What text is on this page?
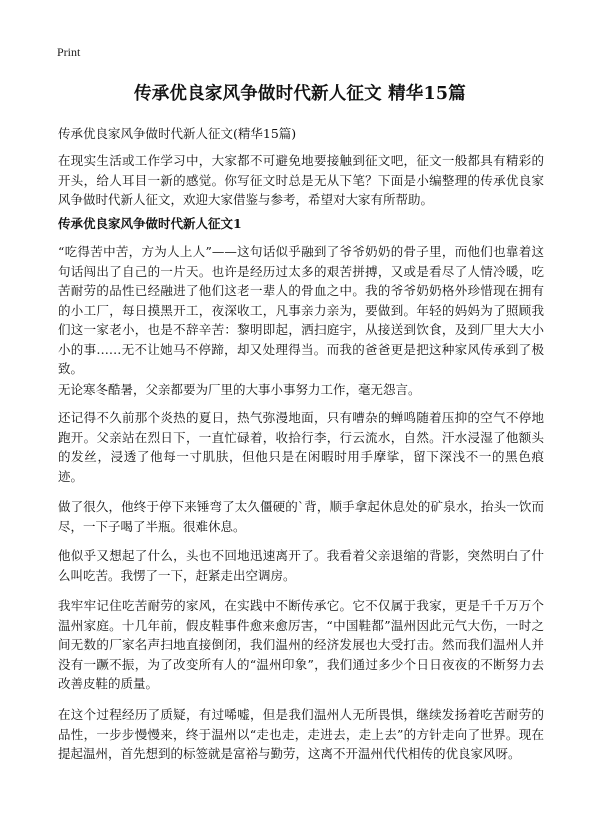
Print
传承优良家风争做时代新人征文 精华15篇
传承优良家风争做时代新人征文(精华15篇)

在现实生活或工作学习中，大家都不可避免地要接触到征文吧，征文一般都具有精彩的开头，给人耳目一新的感觉。你写征文时总是无从下笔？下面是小编整理的传承优良家风争做时代新人征文，欢迎大家借鉴与参考，希望对大家有所帮助。

传承优良家风争做时代新人征文1

“吃得苦中苦，方为人上人”——这句话似乎融到了爷爷奶奶的骨子里，而他们也靠着这句话闯出了自己的一片天。也许是经历过太多的艰苦拼搏，又或是看尽了人情冷暖，吃苦耐劳的品性已经融进了他们这老一辈人的骨血之中。我的爷爷奶奶格外珍惜现在拥有的小工厂，每日摸黑开工，夜深收工，凡事亲力亲为，要做到。年轻的妈妈为了照顾我们这一家老小，也是不辞辛苦：黎明即起，洒扫庭宇，从接送到饮食，及到厂里大大小小的事……无不让她马不停蹄，却又处理得当。而我的爸爸更是把这种家风传承到了极致。

无论寒冬酷暑，父亲都要为厂里的大事小事努力工作，毫无怨言。

还记得不久前那个炎热的夏日，热气弥漫地面，只有嘈杂的蝉鸣随着压抑的空气不停地跑开。父亲站在烈日下，一直忙碌着，收拾行李，行云流水，自然。汗水浸湿了他额头的发丝，浸透了他每一寸肌肤，但他只是在闲暇时用手摩挲，留下深浅不一的黑色痕迹。

做了很久，他终于停下来锤弯了太久僵硬的`背，顺手拿起休息处的矿泉水，抬头一饮而尽，一下子喝了半瓶。很难休息。

他似乎又想起了什么，头也不回地迅速离开了。我看着父亲退缩的背影，突然明白了什么叫吃苦。我愣了一下，赶紧走出空调房。

我牢牢记住吃苦耐劳的家风，在实践中不断传承它。它不仅属于我家，更是千千万万个温州家庭。十几年前，假皮鞋事件愈来愈厉害，“中国鞋都”温州因此元气大伤，一时之间无数的厂家名声扫地直接倒闭，我们温州的经济发展也大受打击。然而我们温州人并没有一蹶不振，为了改变所有人的“温州印象”，我们通过多少个日日夜夜的不断努力去改善皮鞋的质量。

在这个过程经历了质疑，有过唏嘘，但是我们温州人无所畏惧，继续发扬着吃苦耐劳的品性，一步步慢慢来，终于温州以“走也走，走进去，走上去”的方针走向了世界。现在提起温州，首先想到的标签就是富裕与勤劳，这离不开温州代代相传的优良家风呀。
